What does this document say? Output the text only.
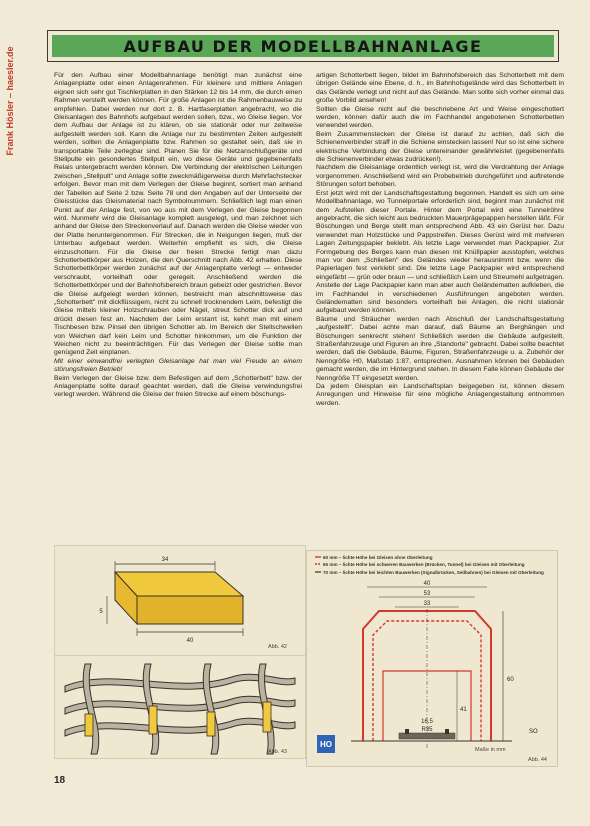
Frank Hösler – haesler.de
AUFBAU DER MODELLBAHNANLAGE

Für den Aufbau einer Modellbahnanlage benötigt man zunächst eine Anlagenplatte oder einen Anlagenrahmen. Für kleinere und mittlere Anlagen eignen sich sehr gut Tischlerplatten in den Stärken 12 bis 14 mm, die durch einen Rahmen versteift werden können. Für große Anlagen ist die Rahmenbauweise zu empfehlen. Dabei werden nur dort z. B. Hartfaserplatten angebracht, wo die Gleisanlagen des Bahnhofs aufgebaut werden sollen, bzw., wo Gleise liegen. Vor dem Aufbau der Anlage ist zu klären, ob sie stationär oder nur zeitweise aufgestellt werden soll. Kann die Anlage nur zu bestimmten Zeiten aufgestellt werden, sollten die Anlagenplatte bzw. Rahmen so gestaltet sein, daß sie in transportable Teile zerlegbar sind. Planen Sie für die Netzanschlußgeräte und Stellpulte ein gesondertes Stellpult ein, wo diese Geräte und gegebenenfalls Relais untergebracht werden können. Die Verbindung der elektrischen Leitungen zwischen „Stellpult" und Anlage sollte zweckmäßigerweise durch Mehrfachstecker erfolgen. Bevor man mit dem Verlegen der Gleise beginnt, sortiert man anhand der Tabellen auf Seite 2 bzw. Seite 78 und den Angaben auf der Unterseite der Gleisstücke das Gleismaterial nach Symbolnummern. Schließlich legt man einen Punkt auf der Anlage fest, von wo aus mit dem Verlegen der Gleise begonnen wird. Nunmehr wird die Gleisanlage komplett ausgelegt, und man zeichnet sich anhand der Gleise den Streckenverlauf auf. Danach werden die Gleise wieder von der Platte heruntergenommen. Für Strecken, die in Neigungen liegen, muß der Unterbau aufgebaut werden. Weiterhin empfiehlt es sich, die Gleise einzuschottern. Für die Gleise der freien Strecke fertigt man dazu Schotterbettkörper aus Holzen, die den Querschnitt nach Abb. 42 erhalten. Diese Schotterbettkörper werden zunächst auf der Anlagenplatte verlegt — entweder verschraubt, vorteilhaft oder geregelt. Anschließend werden die Schotterbettkörper und der Bahnhofsbereich braun gebeizt oder gestrichen. Bevor die Gleise aufgelegt werden können, bestreicht man abschnittsweise das „Schotterbett" mit dickflüssigem, nicht zu schnell trocknendem Leim, befestigt die Gleise mittels kleiner Holzschrauben oder Nägel, streut Schotter dick auf und drückt diesen fest an. Nachdem der Leim erstarrt ist, kehrt man mit einem Tischbesen bzw. Pinsel den übrigen Schotter ab. Im Bereich der Stellschwellen von Weichen darf kein Leim und Schotter hinkommen, um die Funktion der Weichen nicht zu beeinträchtigen. Für das Verlegen der Gleise sollte man genügend Zeit einplanen.

Mit einer einwandfrei verlegten Gleisanlage hat man viel Freude an einem störungsfreien Betrieb!

Beim Verlegen der Gleise bzw. dem Befestigen auf dem „Schotterbett" bzw. der Anlagenplatte sollte darauf geachtet werden, daß die Gleise verwindungsfrei verlegt werden. Während die Gleise der freien Strecke auf einem böschungs-

artigen Schotterbett liegen, bildet im Bahnhofsbereich das Schotterbett mit dem übrigen Gelände eine Ebene, d. h., im Bahnhofsgelände wird das Schotterbett in das Gelände verlegt und nicht auf das Gelände. Man sollte sich vorher einmal das große Vorbild ansehen!

Sollten die Gleise nicht auf die beschriebene Art und Weise eingeschottert werden, können dafür auch die im Fachhandel angebotenen Schotterbetten verwendet werden.

Beim Zusammenstecken der Gleise ist darauf zu achten, daß sich die Schienenverbinder straff in die Schiene einstecken lassen! Nur so ist eine sichere elektrische Verbindung der Gleise untereinander gewährleistet (gegebenenfalls die Schienenverbinder etwas zudrücken!).

Nachdem die Gleisanlage ordentlich verlegt ist, wird die Verdrahtung der Anlage vorgenommen. Anschließend wird ein Probebetrieb durchgeführt und auftretende Störungen sofort behoben.

Erst jetzt wird mit der Landschaftsgestaltung begonnen. Handelt es sich um eine Modellbahnanlage, wo Tunnelportale erforderlich sind, beginnt man zunächst mit dem Aufstellen dieser Portale. Hinter dem Portal wird eine Tunnelröhre angebracht, die sich leicht aus bedruckten Mauerprägepappen herstellen läßt. Für Böschungen und Berge stellt man entsprechend Abb. 43 ein Gerüst her. Dazu verwendet man Holzstücke und Pappstreifen. Dieses Gerüst wird mit mehreren Lagen Zeitungspapier beklebt. Als letzte Lage verwendet man Packpapier. Zur Formgebung des Berges kann man diesen mit Knüllpapier ausstopfen, welches man vor dem „Schließen" des Geländes wieder herausnimmt bzw. wenn die Papierlagen fest verklebt sind. Die letzte Lage Packpapier wird entsprechend eingefärbt — grün oder braun — und schließlich Leim und Streumehl aufgetragen. Anstelle der Lage Packpapier kann man aber auch Geländematten aufkleben, die im Fachhandel in verschiedenen Ausführungen angeboten werden. Geländematten sind besonders vorteilhaft bei Anlagen, die nicht stationär aufgebaut werden können.

Bäume und Sträucher werden nach Abschluß der Landschaftsgestaltung „aufgestellt". Dabei achte man darauf, daß Bäume an Berghängen und Böschungen senkrecht stehen! Schließlich werden die Gebäude aufgestellt, Straßenfahrzeuge und Figuren an ihre „Standorte" gebracht. Dabei sollte beachtet werden, daß die Gebäude, Bäume, Figuren, Straßenfahrzeuge u. a. Zubehör der Nenngröße H0, Maßstab 1:87, entsprechen. Ausnahmen können bei Gebäuden gemacht werden, die im Hintergrund stehen. In diesem Falle können Gebäude der Nenngröße TT eingesetzt werden.

Da jedem Gleisplan ein Landschaftsplan beigegeben ist, können diesem Anregungen und Hinweise für eine mögliche Anlagengestaltung entnommen werden.

34
40
5
Abb. 42
Abb. 43
60 mm – lichte Höhe bei Gleisen ohne Oberleitung
65 mm – lichte Höhe bei schweren Bauwerken (Brücken, Tunnel) bei Gleisen mit Oberleitung
70 mm – lichte Höhe bei leichten Bauwerken (Signalbrücken, Seilbahnen) bei Gleisen mit Oberleitung
40
53
33
60
41
16,5
R35	SO
Maße in mm
HO
Abb. 44
18
